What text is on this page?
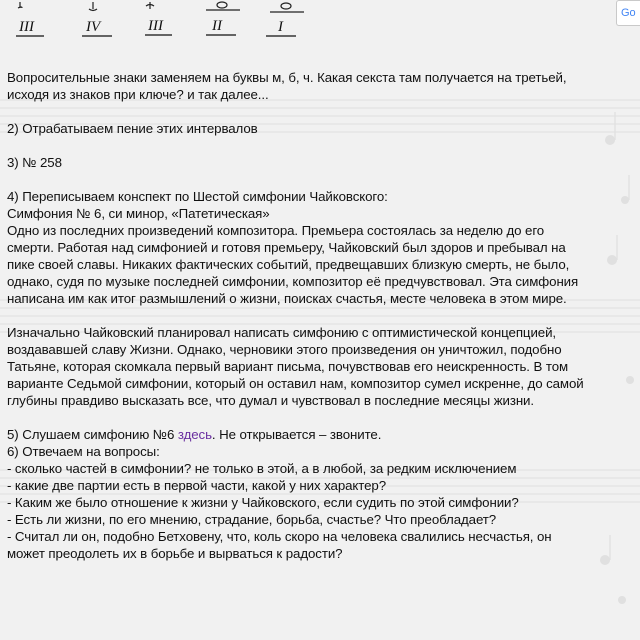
III	IV	III	II	I
Go

Вопросительные знаки заменяем на буквы м, б, ч. Какая секста там получается на третьей, исходя из знаков при ключе? и так далее...

2) Отрабатываем пение этих интервалов

3) № 258

4) Переписываем конспект по Шестой симфонии Чайковского:

Симфония № 6, си минор, «Патетическая»

Одно из последних произведений композитора. Премьера состоялась за неделю до его смерти. Работая над симфонией и готовя премьеру, Чайковский был здоров и пребывал на пике своей славы. Никаких фактических событий, предвещавших близкую смерть, не было, однако, судя по музыке последней симфонии, композитор её предчувствовал. Эта симфония написана им как итог размышлений о жизни, поисках счастья, месте человека в этом мире.

Изначально Чайковский планировал написать симфонию с оптимистической концепцией, воздававшей славу Жизни. Однако, черновики этого произведения он уничтожил, подобно Татьяне, которая скомкала первый вариант письма, почувствовав его неискренность. В том варианте Седьмой симфонии, который он оставил нам, композитор сумел искренне, до самой глубины правдиво высказать все, что думал и чувствовал в последние месяцы жизни.

5) Слушаем симфонию №6 здесь. Не открывается – звоните.

6) Отвечаем на вопросы:

- сколько частей в симфонии? не только в этой, а в любой, за редким исключением

- какие две партии есть в первой части, какой у них характер?

- Каким же было отношение к жизни у Чайковского, если судить по этой симфонии?

- Есть ли жизни, по его мнению, страдание, борьба, счастье? Что преобладает?

- Считал ли он, подобно Бетховену, что, коль скоро на человека свалились несчастья, он может преодолеть их в борьбе и вырваться к радости?
